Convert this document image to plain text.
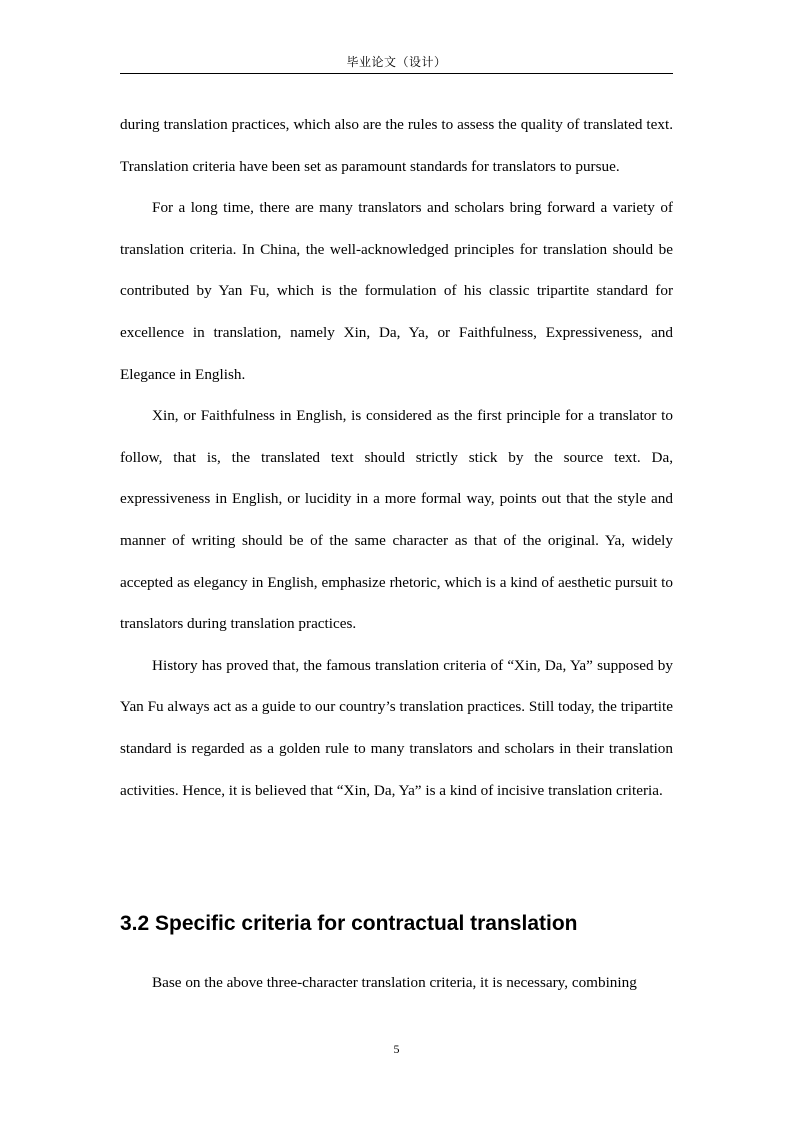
毕业论文（设计）

during translation practices, which also are the rules to assess the quality of translated text. Translation criteria have been set as paramount standards for translators to pursue.

For a long time, there are many translators and scholars bring forward a variety of translation criteria. In China, the well-acknowledged principles for translation should be contributed by Yan Fu, which is the formulation of his classic tripartite standard for excellence in translation, namely Xin, Da, Ya, or Faithfulness, Expressiveness, and Elegance in English.

Xin, or Faithfulness in English, is considered as the first principle for a translator to follow, that is, the translated text should strictly stick by the source text. Da, expressiveness in English, or lucidity in a more formal way, points out that the style and manner of writing should be of the same character as that of the original. Ya, widely accepted as elegancy in English, emphasize rhetoric, which is a kind of aesthetic pursuit to translators during translation practices.

History has proved that, the famous translation criteria of “Xin, Da, Ya” supposed by Yan Fu always act as a guide to our country’s translation practices. Still today, the tripartite standard is regarded as a golden rule to many translators and scholars in their translation activities. Hence, it is believed that “Xin, Da, Ya” is a kind of incisive translation criteria.

3.2 Specific criteria for contractual translation
Base on the above three-character translation criteria, it is necessary, combining
5
